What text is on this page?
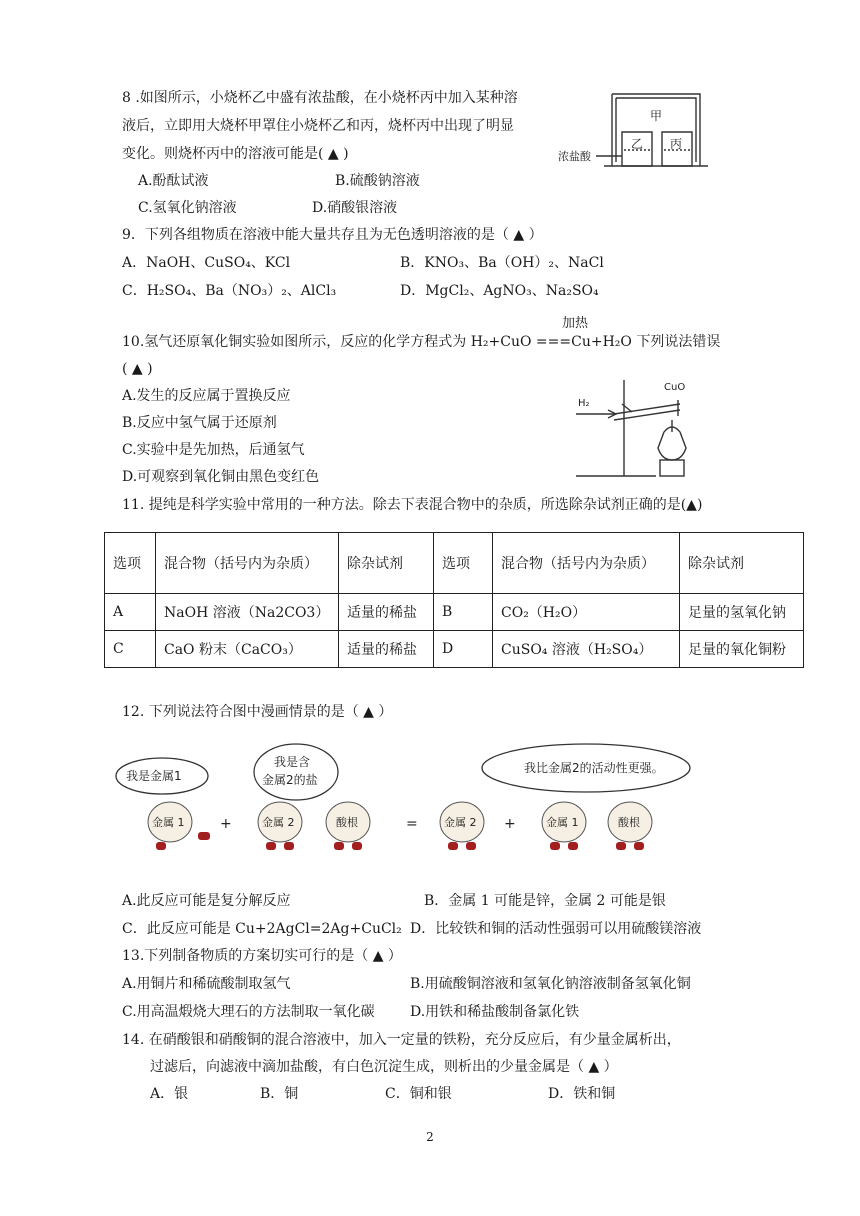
8 .如图所示，小烧杯乙中盛有浓盐酸，在小烧杯丙中加入某种溶
液后，立即用大烧杯甲罩住小烧杯乙和丙，烧杯丙中出现了明显
变化。则烧杯丙中的溶液可能是( ▲ )
A.酚酞试液	B.硫酸钠溶液
C.氢氧化钠溶液	D.硝酸银溶液
甲
乙 丙
浓盐酸
9．下列各组物质在溶液中能大量共存且为无色透明溶液的是（ ▲ ）
A．NaOH、CuSO₄、KCl	B．KNO₃、Ba（OH）₂、NaCl
C．H₂SO₄、Ba（NO₃）₂、AlCl₃	D．MgCl₂、AgNO₃、Na₂SO₄
加热
10.氢气还原氧化铜实验如图所示，反应的化学方程式为 H₂+CuO ===Cu+H₂O 下列说法错误
( ▲ )
A.发生的反应属于置换反应
B.反应中氢气属于还原剂
C.实验中是先加热，后通氢气
D.可观察到氧化铜由黑色变红色
H₂
CuO
11. 提纯是科学实验中常用的一种方法。除去下表混合物中的杂质，所选除杂试剂正确的是(▲)
选项	混合物（括号内为杂质）	除杂试剂	选项	混合物（括号内为杂质）	除杂试剂
A	NaOH 溶液（Na2CO3）	适量的稀盐	B	CO₂（H₂O）	足量的氢氧化钠
C	CaO 粉末（CaCO₃）	适量的稀盐	D	CuSO₄ 溶液（H₂SO₄）	足量的氧化铜粉
12. 下列说法符合图中漫画情景的是（ ▲ ）
我是金属1
我是含
金属2的盐
我比金属2的活动性更强。
金属 1	金属 2	酸根	金属 2	金属 1	酸根
+	=	+
A.此反应可能是复分解反应	B．金属 1 可能是锌，金属 2 可能是银
C．此反应可能是 Cu+2AgCl=2Ag+CuCl₂ D．比较铁和铜的活动性强弱可以用硫酸镁溶液
13.下列制备物质的方案切实可行的是（ ▲ ）
A.用铜片和稀硫酸制取氢气	B.用硫酸铜溶液和氢氧化钠溶液制备氢氧化铜
C.用高温煅烧大理石的方法制取一氧化碳	D.用铁和稀盐酸制备氯化铁
14. 在硝酸银和硝酸铜的混合溶液中，加入一定量的铁粉，充分反应后，有少量金属析出，
过滤后，向滤液中滴加盐酸，有白色沉淀生成，则析出的少量金属是（ ▲ ）
A．银	B．铜	C．铜和银	D．铁和铜
2
